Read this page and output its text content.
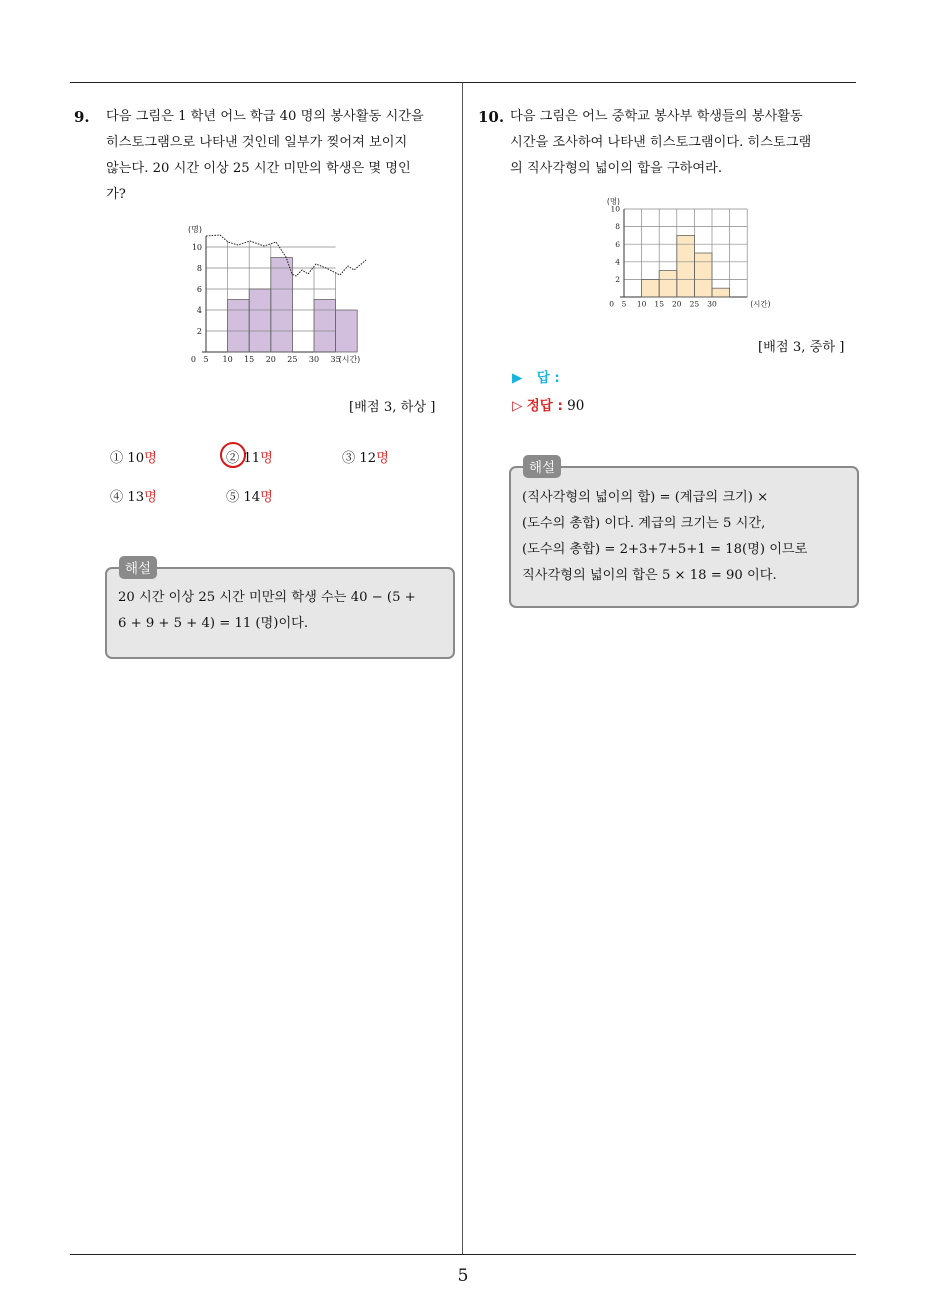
5
9. 다음 그림은 1 학년 어느 학급 40 명의 봉사활동 시간을
히스토그램으로 나타낸 것인데 일부가 찢어져 보이지
않는다. 20 시간 이상 25 시간 미만의 학생은 몇 명인
가?
2
4
6
8
10
0 5 10 15 20 25 30 35
(시간)
(명)
[배점 3, 하상 ]
① 10명	② 11명	③ 12명
④ 13명	⑤ 14명
해설
20 시간 이상 25 시간 미만의 학생 수는 40 − (5 +
6 + 9 + 5 + 4) = 11 (명)이다.
10. 다음 그림은 어느 중학교 봉사부 학생들의 봉사활동
시간을 조사하여 나타낸 히스토그램이다. 히스토그램
의 직사각형의 넓이의 합을 구하여라.
2
4
6
8
10
0 5 10 15 20 25 30	(시간)
(명)
[배점 3, 중하 ]
▶ 답 :
▷ 정답 : 90
해설
(직사각형의 넓이의 합) = (계급의 크기) ×
(도수의 총합) 이다. 계급의 크기는 5 시간,
(도수의 총합) = 2+3+7+5+1 = 18(명) 이므로
직사각형의 넓이의 합은 5 × 18 = 90 이다.
